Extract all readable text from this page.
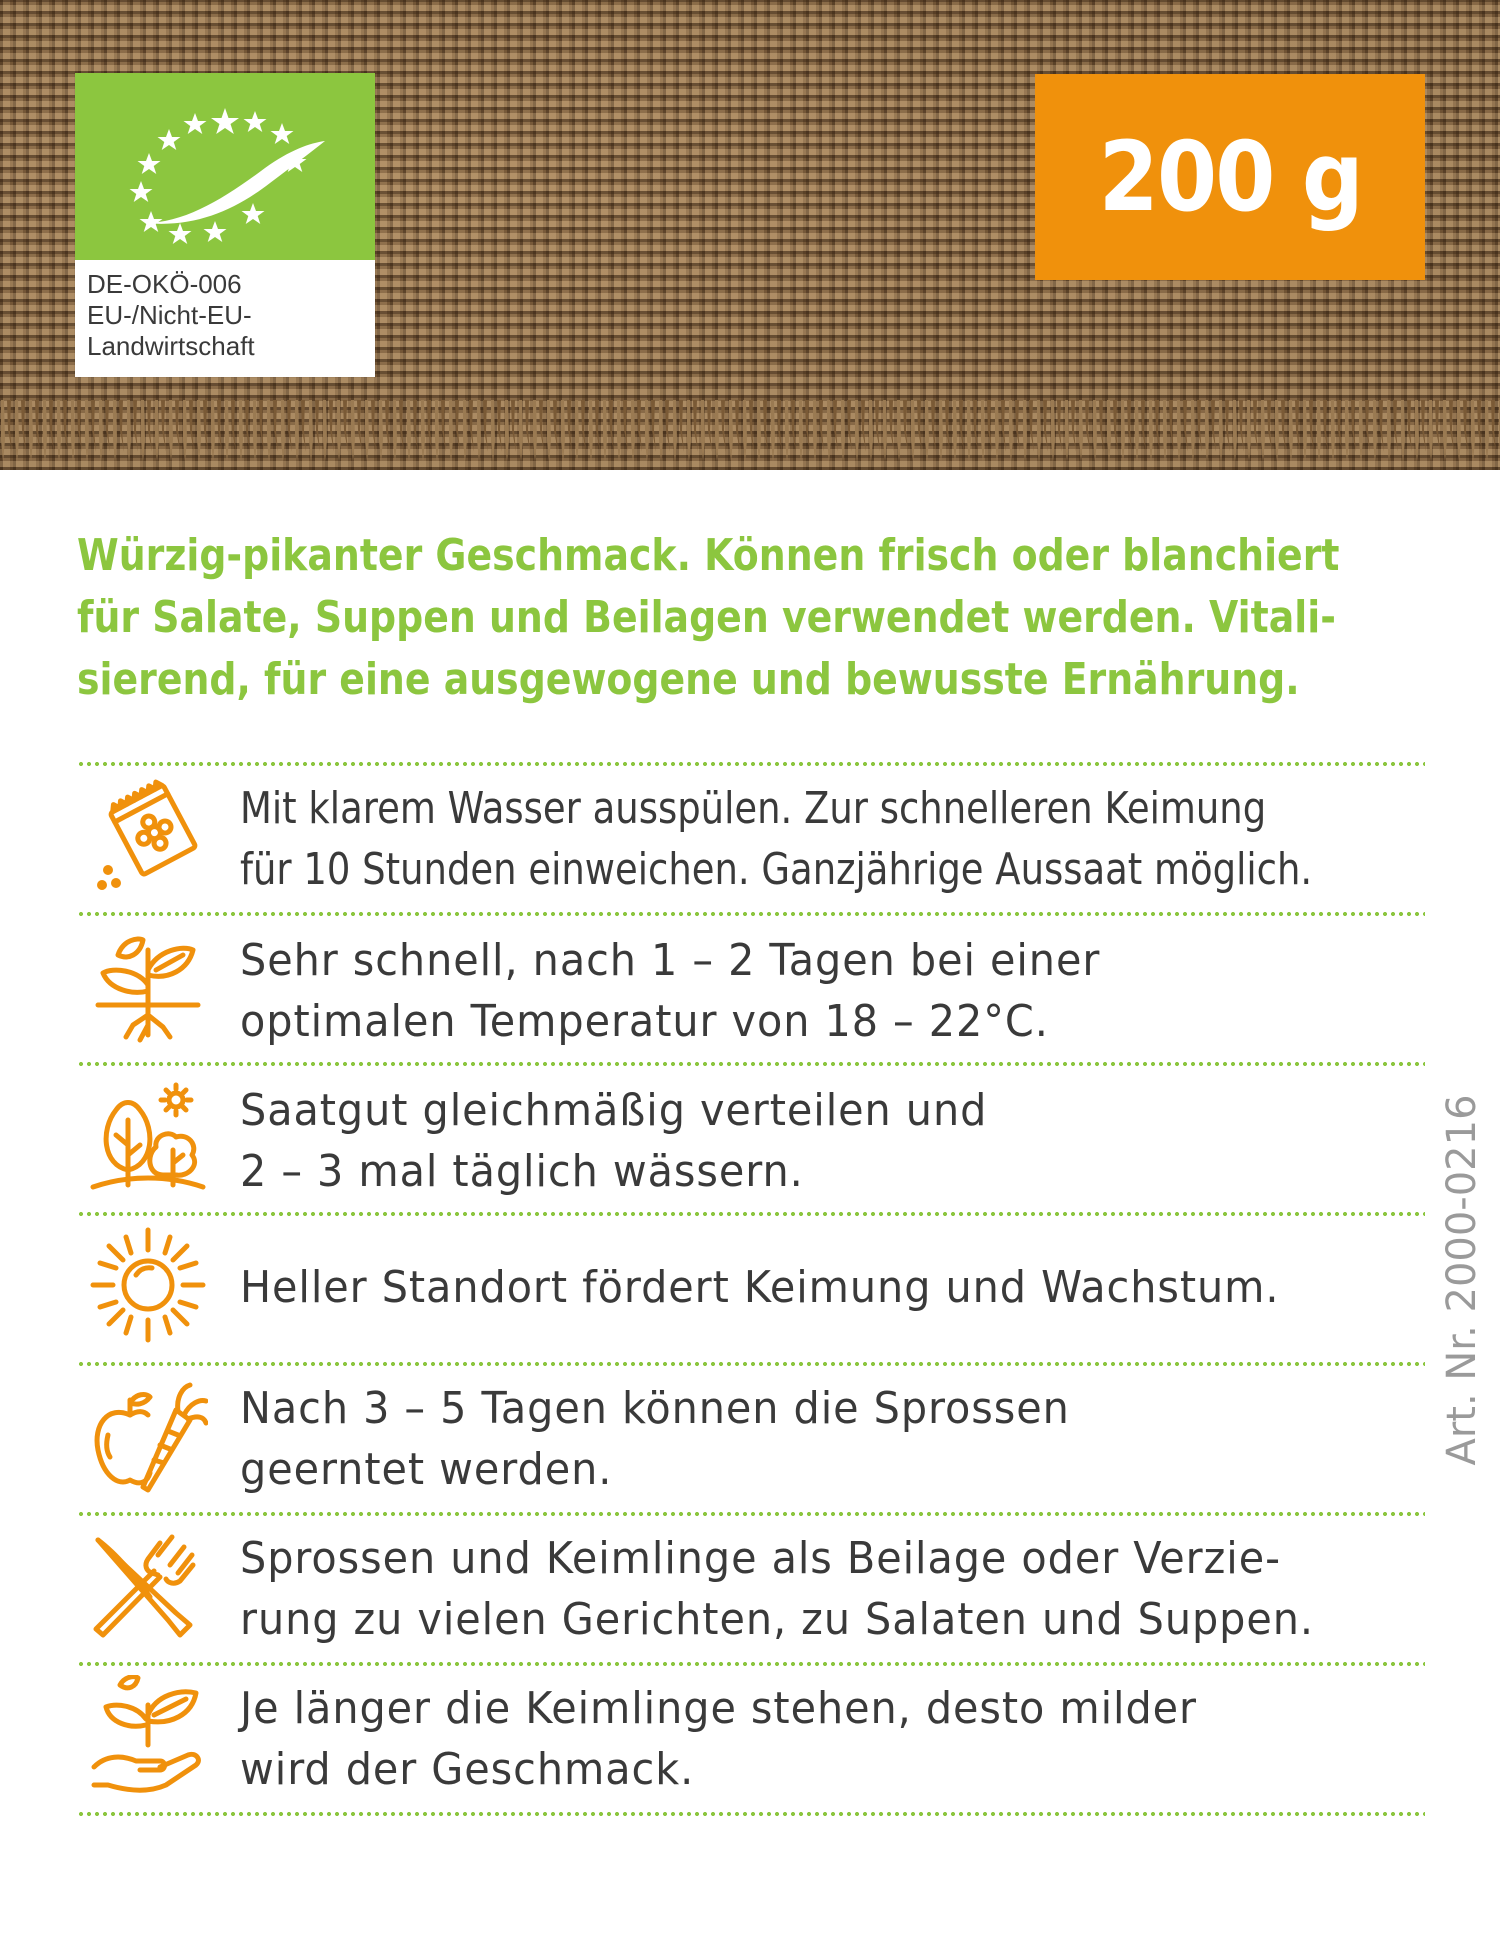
DE-OKÖ-006
EU-/Nicht-EU-
Landwirtschaft
200 g
Würzig-pikanter Geschmack. Können frisch oder blanchiert
für Salate, Suppen und Beilagen verwendet werden. Vitali-
sierend, für eine ausgewogene und bewusste Ernährung.
Mit klarem Wasser ausspülen. Zur schnelleren Keimung
für 10 Stunden einweichen. Ganzjährige Aussaat möglich.
Sehr schnell, nach 1 – 2 Tagen bei einer
optimalen Temperatur von 18 – 22°C.
Saatgut gleichmäßig verteilen und
2 – 3 mal täglich wässern.
Heller Standort fördert Keimung und Wachstum.
Nach 3 – 5 Tagen können die Sprossen
geerntet werden.
Sprossen und Keimlinge als Beilage oder Verzie-
rung zu vielen Gerichten, zu Salaten und Suppen.
Je länger die Keimlinge stehen, desto milder
wird der Geschmack.
Art. Nr. 2000-0216
